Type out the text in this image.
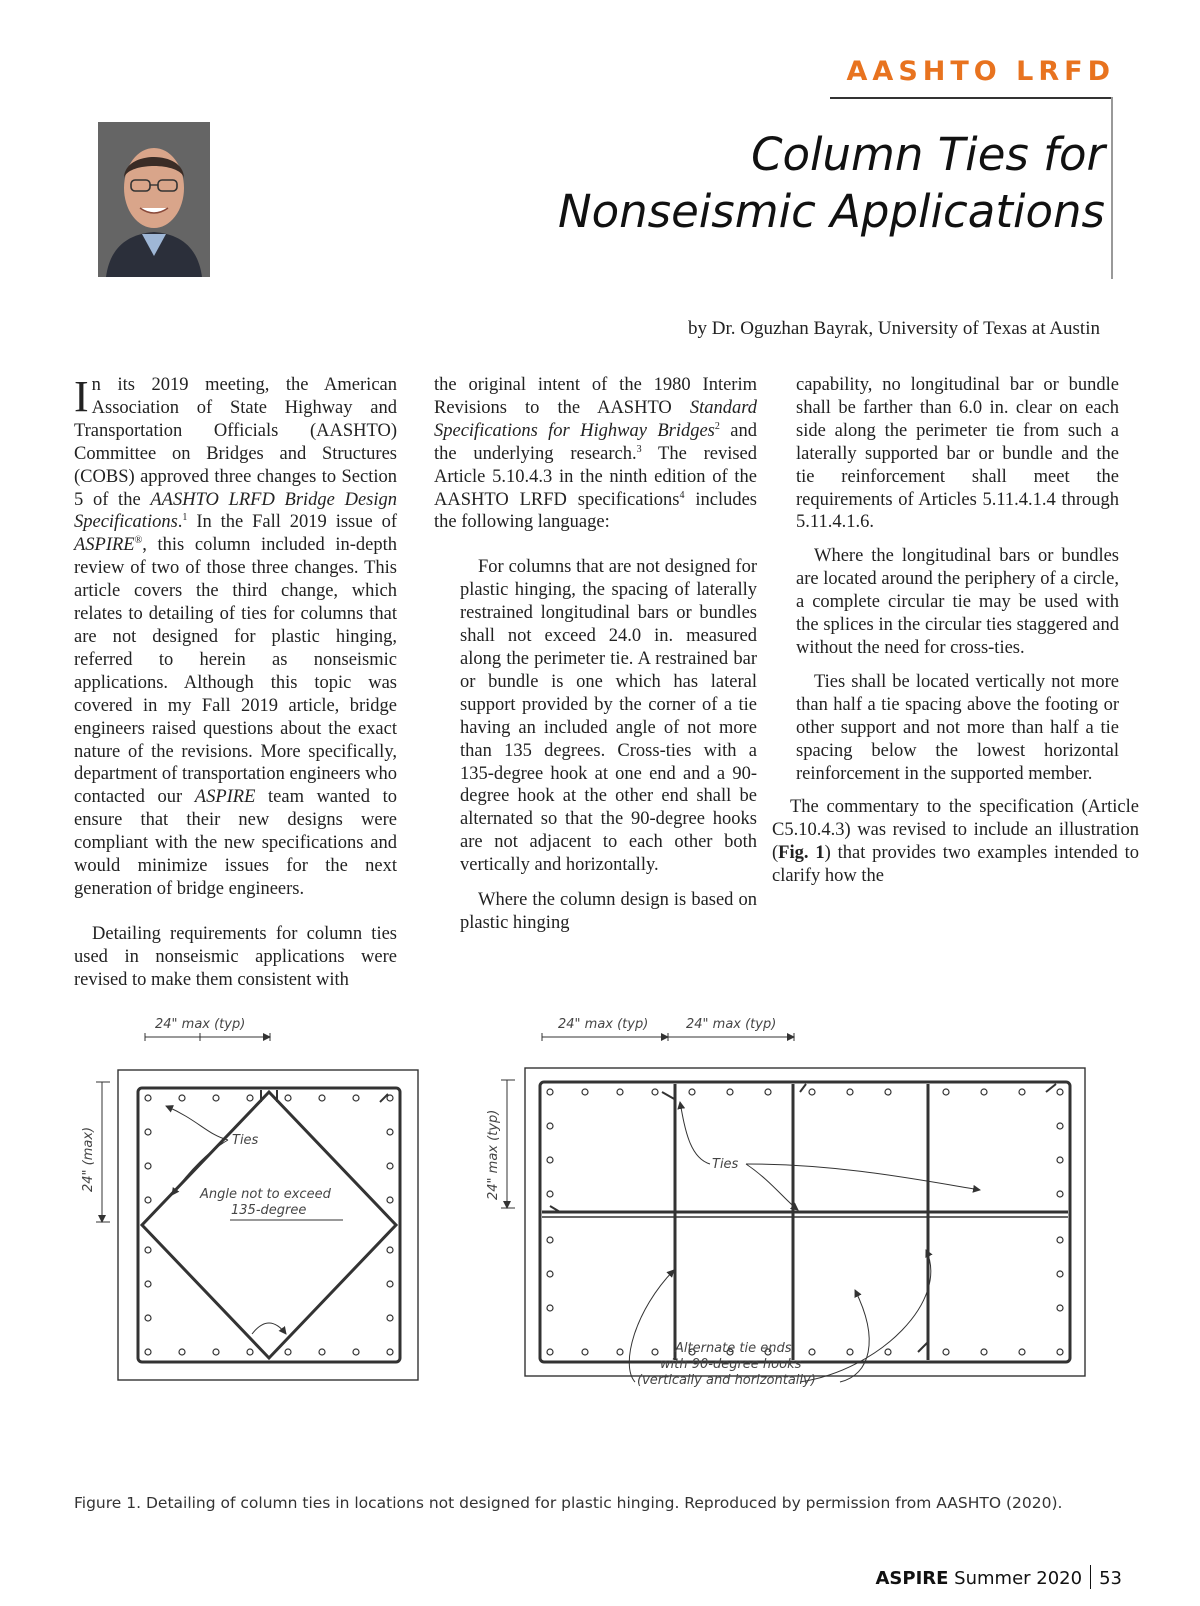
AASHTO LRFD
Column Ties for
Nonseismic Applications
by Dr. Oguzhan Bayrak, University of Texas at Austin

In its 2019 meeting, the American Association of State Highway and Transportation Officials (AASHTO) Committee on Bridges and Structures (COBS) approved three changes to Section 5 of the AASHTO LRFD Bridge Design Specifications.$^1$ In the Fall 2019 issue of ASPIRE®, this column included in-depth review of two of those three changes. This article covers the third change, which relates to detailing of ties for columns that are not designed for plastic hinging, referred to herein as nonseismic applications. Although this topic was covered in my Fall 2019 article, bridge engineers raised questions about the exact nature of the revisions. More specifically, department of transportation engineers who contacted our ASPIRE team wanted to ensure that their new designs were compliant with the new specifications and would minimize issues for the next generation of bridge engineers.

Detailing requirements for column ties used in nonseismic applications were revised to make them consistent with

the original intent of the 1980 Interim Revisions to the AASHTO Standard Specifications for Highway Bridges$^2$ and the underlying research.$^3$ The revised Article 5.10.4.3 in the ninth edition of the AASHTO LRFD specifications$^4$ includes the following language:

For columns that are not designed for plastic hinging, the spacing of laterally restrained longitudinal bars or bundles shall not exceed 24.0 in. measured along the perimeter tie. A restrained bar or bundle is one which has lateral support provided by the corner of a tie having an included angle of not more than 135 degrees. Cross-ties with a 135-degree hook at one end and a 90-degree hook at the other end shall be alternated so that the 90-degree hooks are not adjacent to each other both vertically and horizontally.

Where the column design is based on plastic hinging

capability, no longitudinal bar or bundle shall be farther than 6.0 in. clear on each side along the perimeter tie from such a laterally supported bar or bundle and the tie reinforcement shall meet the requirements of Articles 5.11.4.1.4 through 5.11.4.1.6.

Where the longitudinal bars or bundles are located around the periphery of a circle, a complete circular tie may be used with the splices in the circular ties staggered and without the need for cross-ties.

Ties shall be located vertically not more than half a tie spacing above the footing or other support and not more than half a tie spacing below the lowest horizontal reinforcement in the supported member.

The commentary to the specification (Article C5.10.4.3) was revised to include an illustration (Fig. 1) that provides two examples intended to clarify how the

24" max (typ)
24" (max)	Ties
Angle not to exceed
135-degree
24" max (typ)	24" max (typ)
24" max (typ)	Ties
Alternate tie ends
with 90-degree hooks
(vertically and horizontally)
Figure 1. Detailing of column ties in locations not designed for plastic hinging. Reproduced by permission from AASHTO (2020).
ASPIRE Summer 2020 53
